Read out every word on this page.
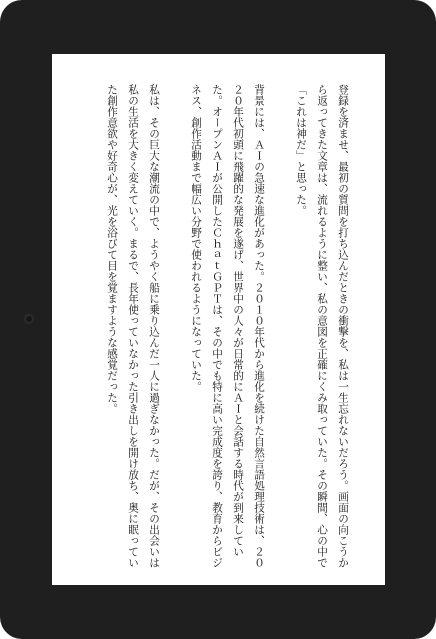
登録を済ませ、最初の質問を打ち込んだときの衝撃を、私は一生忘れないだろう。画面の向こうから返ってきた文章は、流れるように整い、私の意図を正確にくみ取っていた。その瞬間、心の中で「これは神だ」と思った。

背景には、ＡＩの急速な進化があった。２０１０年代から進化を続けた自然言語処理技術は、２０２０年代初頭に飛躍的な発展を遂げ、世界中の人々が日常的にＡＩと会話する時代が到来していた。オープンＡＩが公開したＣｈａｔＧＰＴは、その中でも特に高い完成度を誇り、教育からビジネス、創作活動まで幅広い分野で使われるようになっていた。

私は、その巨大な潮流の中で、ようやく船に乗り込んだ一人に過ぎなかった。だが、その出会いは私の生活を大きく変えていく。まるで、長年使っていなかった引き出しを開け放ち、奥に眠っていた創作意欲や好奇心が、光を浴びて目を覚ますような感覚だった。
